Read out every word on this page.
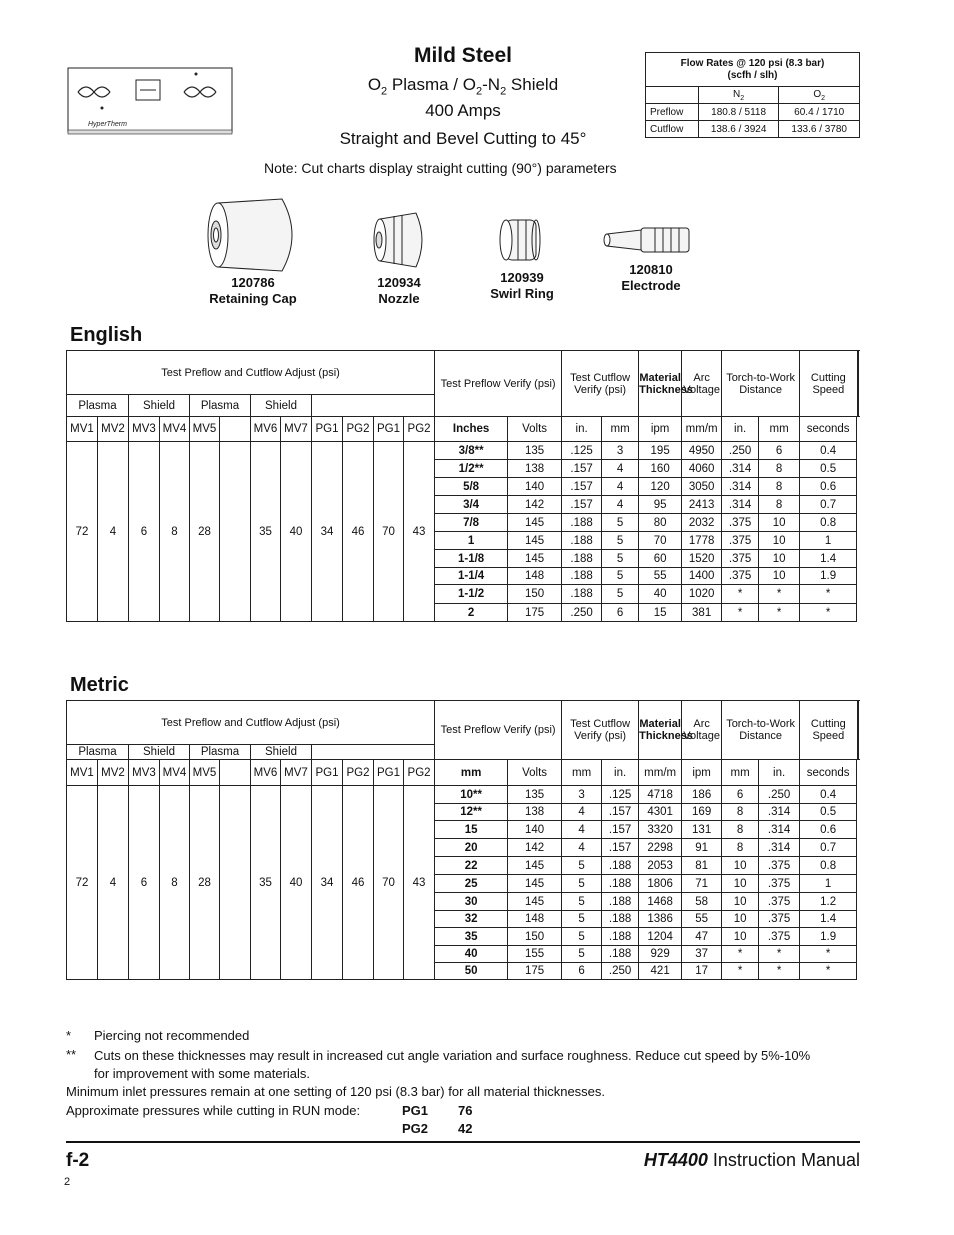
Mild Steel
$O_2$ Plasma / $O_2-N_2$ Shield
400 Amps
Straight and Bevel Cutting to 45°
Note: Cut charts display straight cutting (90°) parameters
HyperTherm
Flow Rates @ 120 psi (8.3 bar)
(scfh / slh)		
	$N_2$	$O_2$
Preflow	180.8 / 5118	60.4 / 1710
Cutflow	138.6 / 3924	133.6 / 3780
120786
Retaining Cap
120934
Nozzle
120939
Swirl Ring
120810
Electrode
English
Test Preflow and Cutflow Adjust (psi)												Test Preflow Verify (psi)		Test Cutflow Verify (psi)		Material Thickness	Arc Voltage	Torch-to-Work Distance		Cutting Speed		
Plasma		Shield		Plasma		Shield															
MV1	MV2	MV3	MV4	MV5		MV6	MV7	PG1	PG2	PG1	PG2	Inches	Volts	in.	mm	ipm	mm/m	in.	mm	seconds	
72	4	6	8	28		35	40	34	46	70	43	3/8**	135	.125	3	195	4950	.250	6	0.4	
												1/2**	138	.157	4	160	4060	.314	8	0.5	
												5/8	140	.157	4	120	3050	.314	8	0.6	
												3/4	142	.157	4	95	2413	.314	8	0.7	
												7/8	145	.188	5	80	2032	.375	10	0.8	
												1	145	.188	5	70	1778	.375	10	1	
												1-1/8	145	.188	5	60	1520	.375	10	1.4	
												1-1/4	148	.188	5	55	1400	.375	10	1.9	
												1-1/2	150	.188	5	40	1020	*	*	*	
												2	175	.250	6	15	381	*	*	*	
Metric
Test Preflow and Cutflow Adjust (psi)												Test Preflow Verify (psi)		Test Cutflow Verify (psi)		Material Thickness	Arc Voltage	Torch-to-Work Distance		Cutting Speed		
Plasma		Shield		Plasma		Shield															
MV1	MV2	MV3	MV4	MV5		MV6	MV7	PG1	PG2	PG1	PG2	mm	Volts	mm	in.	mm/m	ipm	mm	in.	seconds	
72	4	6	8	28		35	40	34	46	70	43	10**	135	3	.125	4718	186	6	.250	0.4	
												12**	138	4	.157	4301	169	8	.314	0.5	
												15	140	4	.157	3320	131	8	.314	0.6	
												20	142	4	.157	2298	91	8	.314	0.7	
												22	145	5	.188	2053	81	10	.375	0.8	
												25	145	5	.188	1806	71	10	.375	1	
												30	145	5	.188	1468	58	10	.375	1.2	
												32	148	5	.188	1386	55	10	.375	1.4	
												35	150	5	.188	1204	47	10	.375	1.9	
												40	155	5	.188	929	37	*	*	*	
												50	175	6	.250	421	17	*	*	*	
* Piercing not recommended
** Cuts on these thicknesses may result in increased cut angle variation and surface roughness. Reduce cut speed by 5%-10% for improvement with some materials.
Minimum inlet pressures remain at one setting of 120 psi (8.3 bar) for all material thicknesses.
Approximate pressures while cutting in RUN mode:	PG1 76
PG2 42
f-2	HT4400 Instruction Manual
2
